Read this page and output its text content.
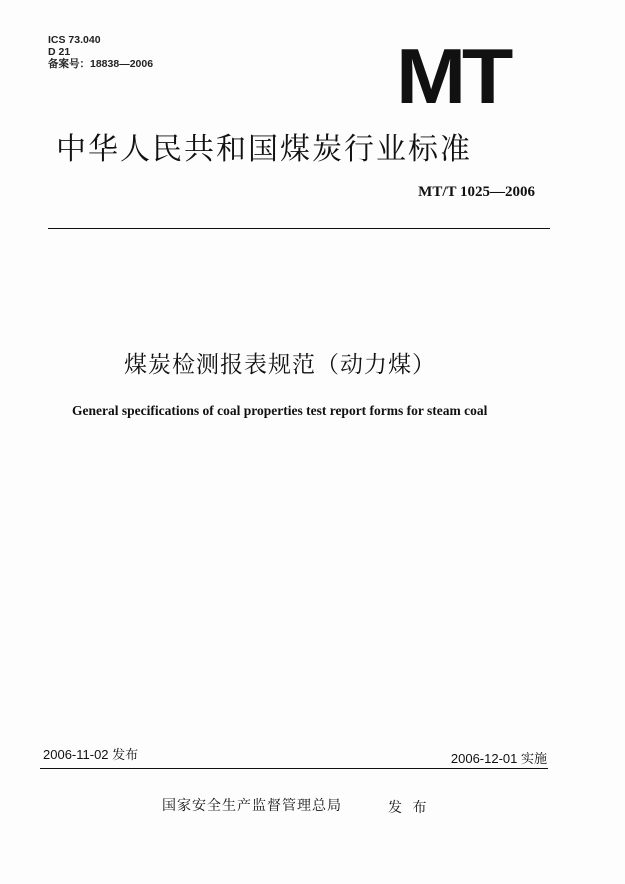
ICS 73.040
D 21
备案号：18838—2006	MT
中华人民共和国煤炭行业标准
MT/T 1025—2006
煤炭检测报表规范（动力煤）
General specifications of coal properties test report forms for steam coal
2006-11-02 发布	2006-12-01 实施
国家安全生产监督管理总局	发 布
